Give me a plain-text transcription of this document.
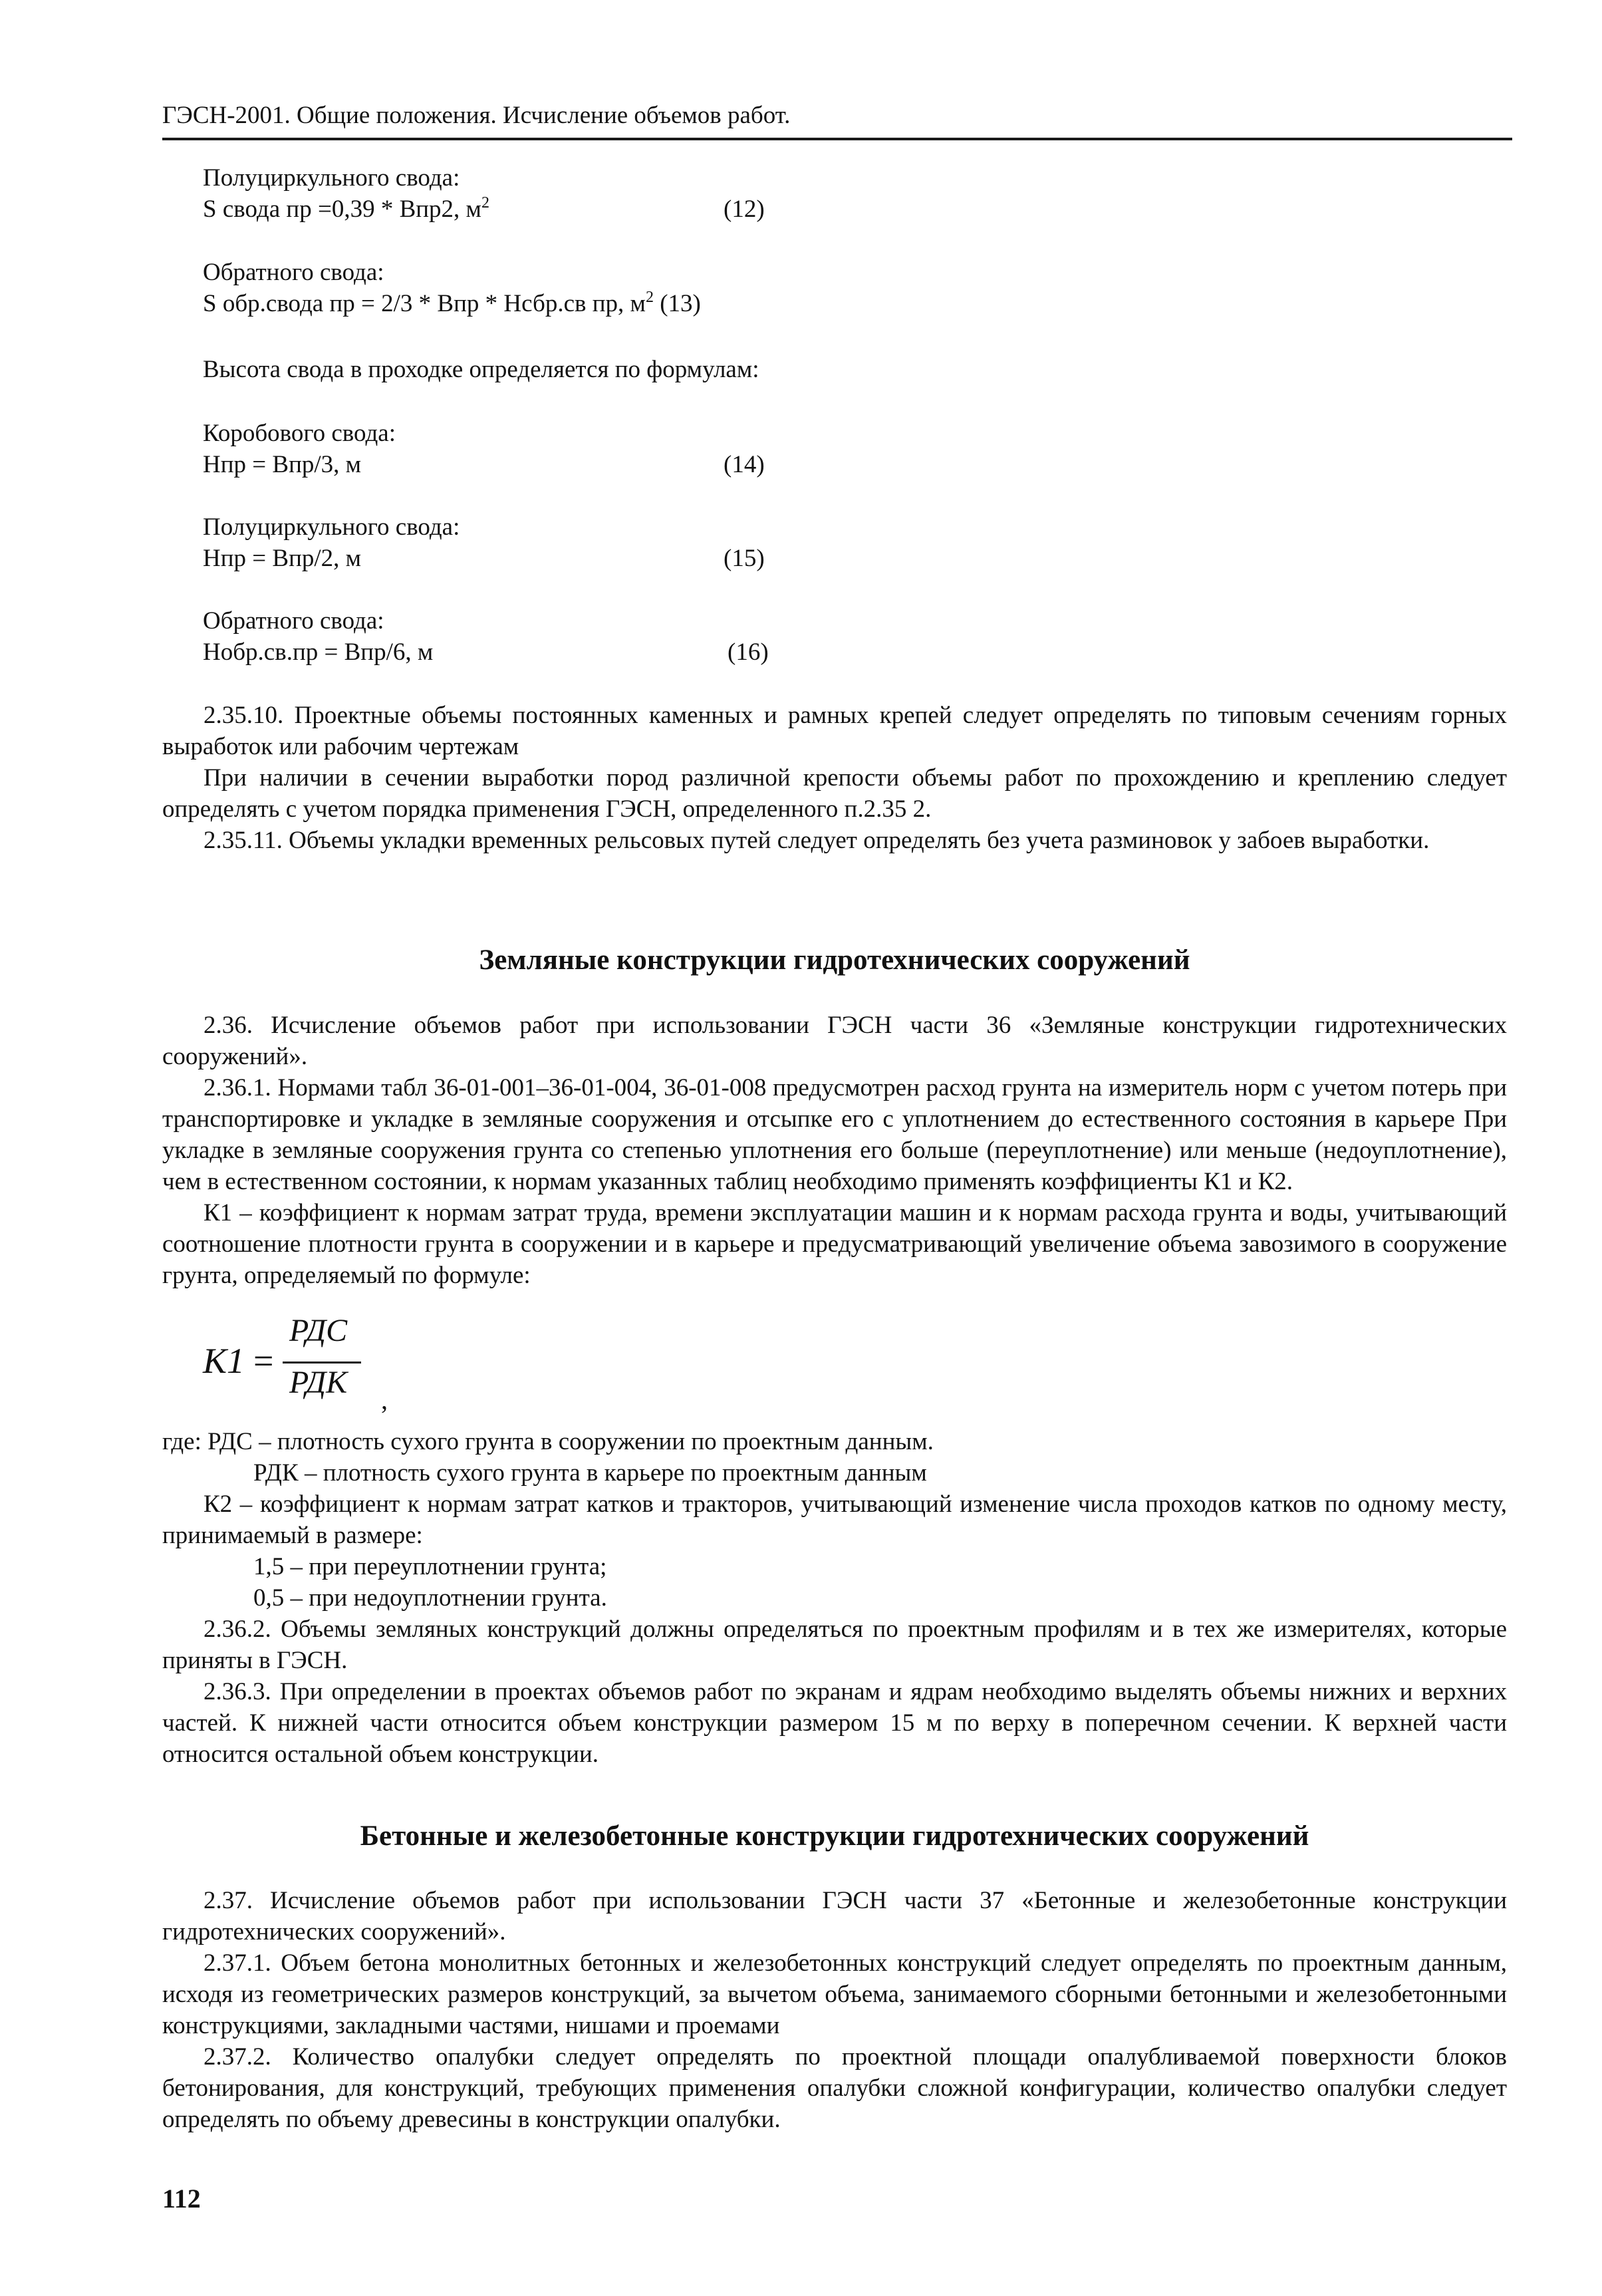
ГЭСН-2001. Общие положения. Исчисление объемов работ.
Полуциркульного свода:
S свода пр =0,39 * Впр2, $м^2$	(12)
Обратного свода:
S обр.свода пр = 2/3 * Впр * Нсбр.св пр, $м^2$ (13)
Высота свода в проходке определяется по формулам:
Коробового свода:
Нпр = Впр/3, м	(14)
Полуциркульного свода:
Нпр = Впр/2, м	(15)
Обратного свода:
Нобр.св.пр = Впр/6, м	(16)

2.35.10. Проектные объемы постоянных каменных и рамных крепей следует определять по типовым сечениям горных выработок или рабочим чертежам

При наличии в сечении выработки пород различной крепости объемы работ по прохождению и креплению следует определять с учетом порядка применения ГЭСН, определенного п.2.35 2.

2.35.11. Объемы укладки временных рельсовых путей следует определять без учета разминовок у забоев выработки.

Земляные конструкции гидротехнических сооружений

2.36. Исчисление объемов работ при использовании ГЭСН части 36 «Земляные конструкции гидротехнических сооружений».

2.36.1. Нормами табл 36-01-001–36-01-004, 36-01-008 предусмотрен расход грунта на измеритель норм с учетом потерь при транспортировке и укладке в земляные сооружения и отсыпке его с уплотнением до естественного состояния в карьере При укладке в земляные сооружения грунта со степенью уплотнения его больше (переуплотнение) или меньше (недоуплотнение), чем в естественном состоянии, к нормам указанных таблиц необходимо применять коэффициенты К1 и К2.

К1 – коэффициент к нормам затрат труда, времени эксплуатации машин и к нормам расхода грунта и воды, учитывающий соотношение плотности грунта в сооружении и в карьере и предусматривающий увеличение объема завозимого в сооружение грунта, определяемый по формуле:

К1 =
РДС
РДК ,
где: РДС – плотность сухого грунта в сооружении по проектным данным.
РДК – плотность сухого грунта в карьере по проектным данным

К2 – коэффициент к нормам затрат катков и тракторов, учитывающий изменение числа проходов катков по одному месту, принимаемый в размере:

1,5 – при переуплотнении грунта;
0,5 – при недоуплотнении грунта.

2.36.2. Объемы земляных конструкций должны определяться по проектным профилям и в тех же измерителях, которые приняты в ГЭСН.

2.36.3. При определении в проектах объемов работ по экранам и ядрам необходимо выделять объемы нижних и верхних частей. К нижней части относится объем конструкции размером 15 м по верху в поперечном сечении. К верхней части относится остальной объем конструкции.

Бетонные и железобетонные конструкции гидротехнических сооружений

2.37. Исчисление объемов работ при использовании ГЭСН части 37 «Бетонные и железобетонные конструкции гидротехнических сооружений».

2.37.1. Объем бетона монолитных бетонных и железобетонных конструкций следует определять по проектным данным, исходя из геометрических размеров конструкций, за вычетом объема, занимаемого сборными бетонными и железобетонными конструкциями, закладными частями, нишами и проемами

2.37.2. Количество опалубки следует определять по проектной площади опалубливаемой поверхности блоков бетонирования, для конструкций, требующих применения опалубки сложной конфигурации, количество опалубки следует определять по объему древесины в конструкции опалубки.

112
